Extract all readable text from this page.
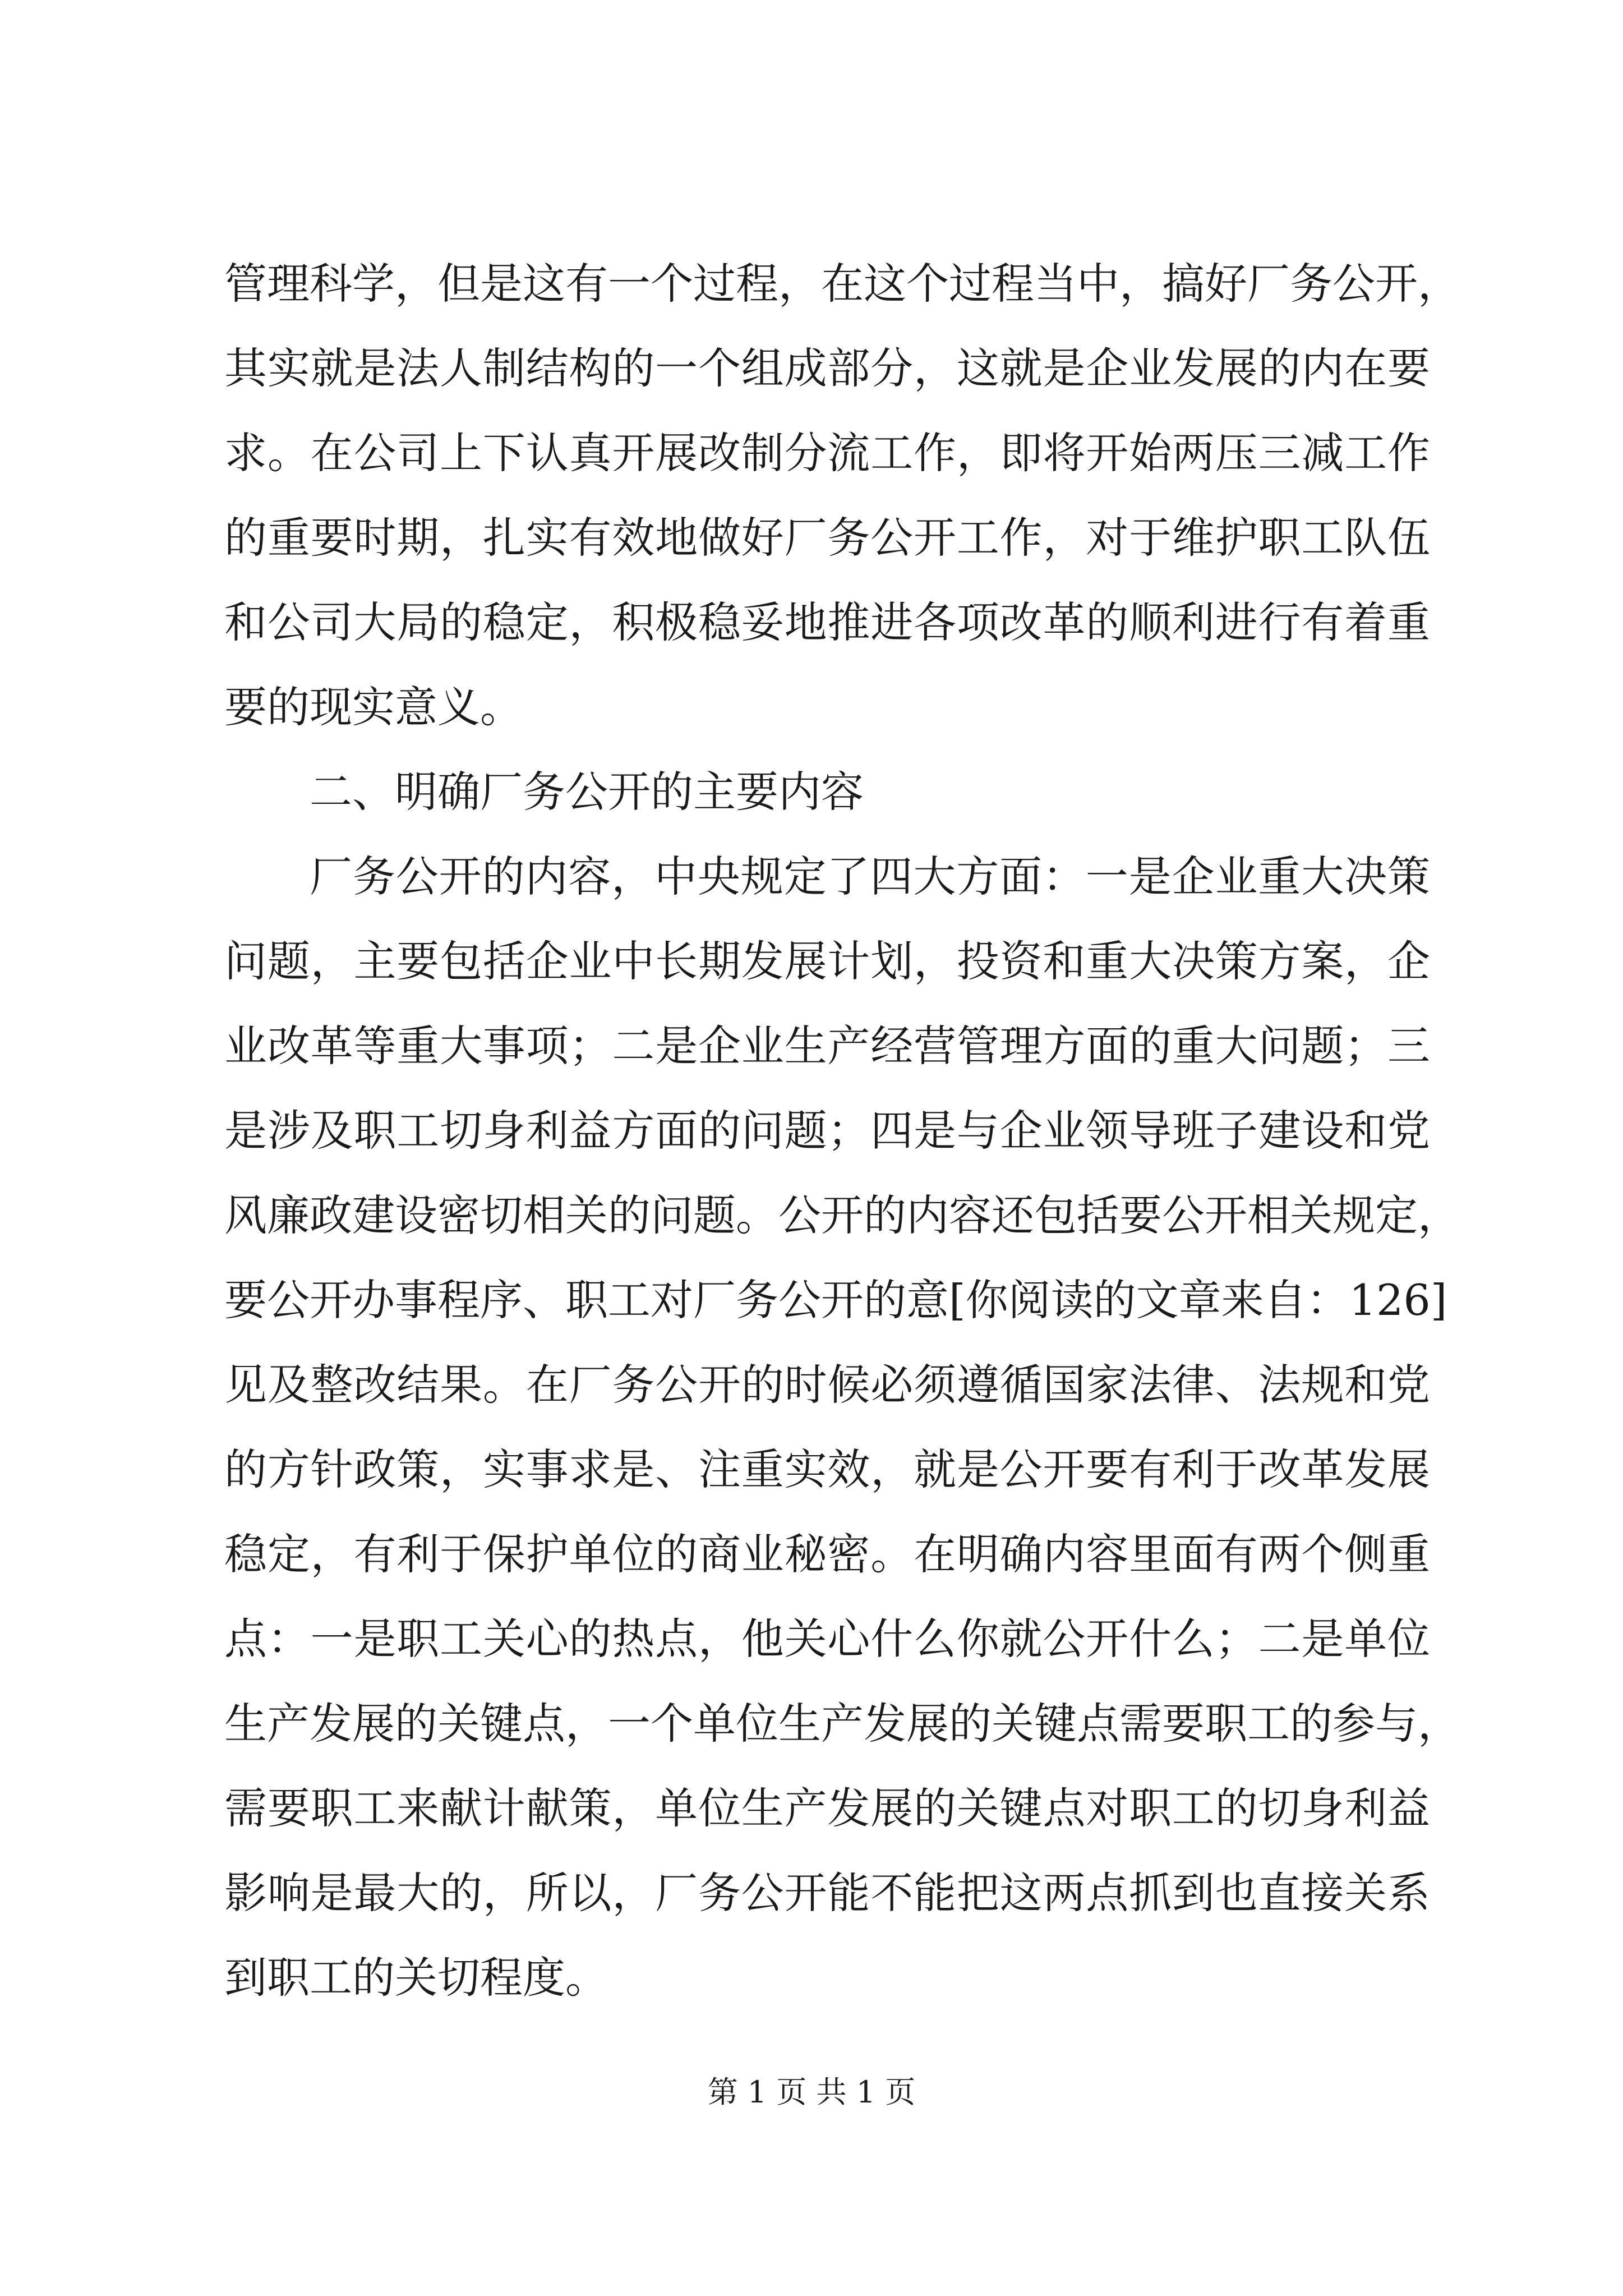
管理科学，但是这有一个过程，在这个过程当中，搞好厂务公开，
其实就是法人制结构的一个组成部分，这就是企业发展的内在要
求。在公司上下认真开展改制分流工作，即将开始两压三减工作
的重要时期，扎实有效地做好厂务公开工作，对于维护职工队伍
和公司大局的稳定，积极稳妥地推进各项改革的顺利进行有着重
要的现实意义。
二、明确厂务公开的主要内容
厂务公开的内容，中央规定了四大方面：一是企业重大决策
问题，主要包括企业中长期发展计划，投资和重大决策方案，企
业改革等重大事项；二是企业生产经营管理方面的重大问题；三
是涉及职工切身利益方面的问题；四是与企业领导班子建设和党
风廉政建设密切相关的问题。公开的内容还包括要公开相关规定，
要公开办事程序、职工对厂务公开的意[你阅读的文章来自：126]
见及整改结果。在厂务公开的时候必须遵循国家法律、法规和党
的方针政策，实事求是、注重实效，就是公开要有利于改革发展
稳定，有利于保护单位的商业秘密。在明确内容里面有两个侧重
点：一是职工关心的热点，他关心什么你就公开什么；二是单位
生产发展的关键点，一个单位生产发展的关键点需要职工的参与，
需要职工来献计献策，单位生产发展的关键点对职工的切身利益
影响是最大的，所以，厂务公开能不能把这两点抓到也直接关系
到职工的关切程度。
第 1 页 共 1 页
